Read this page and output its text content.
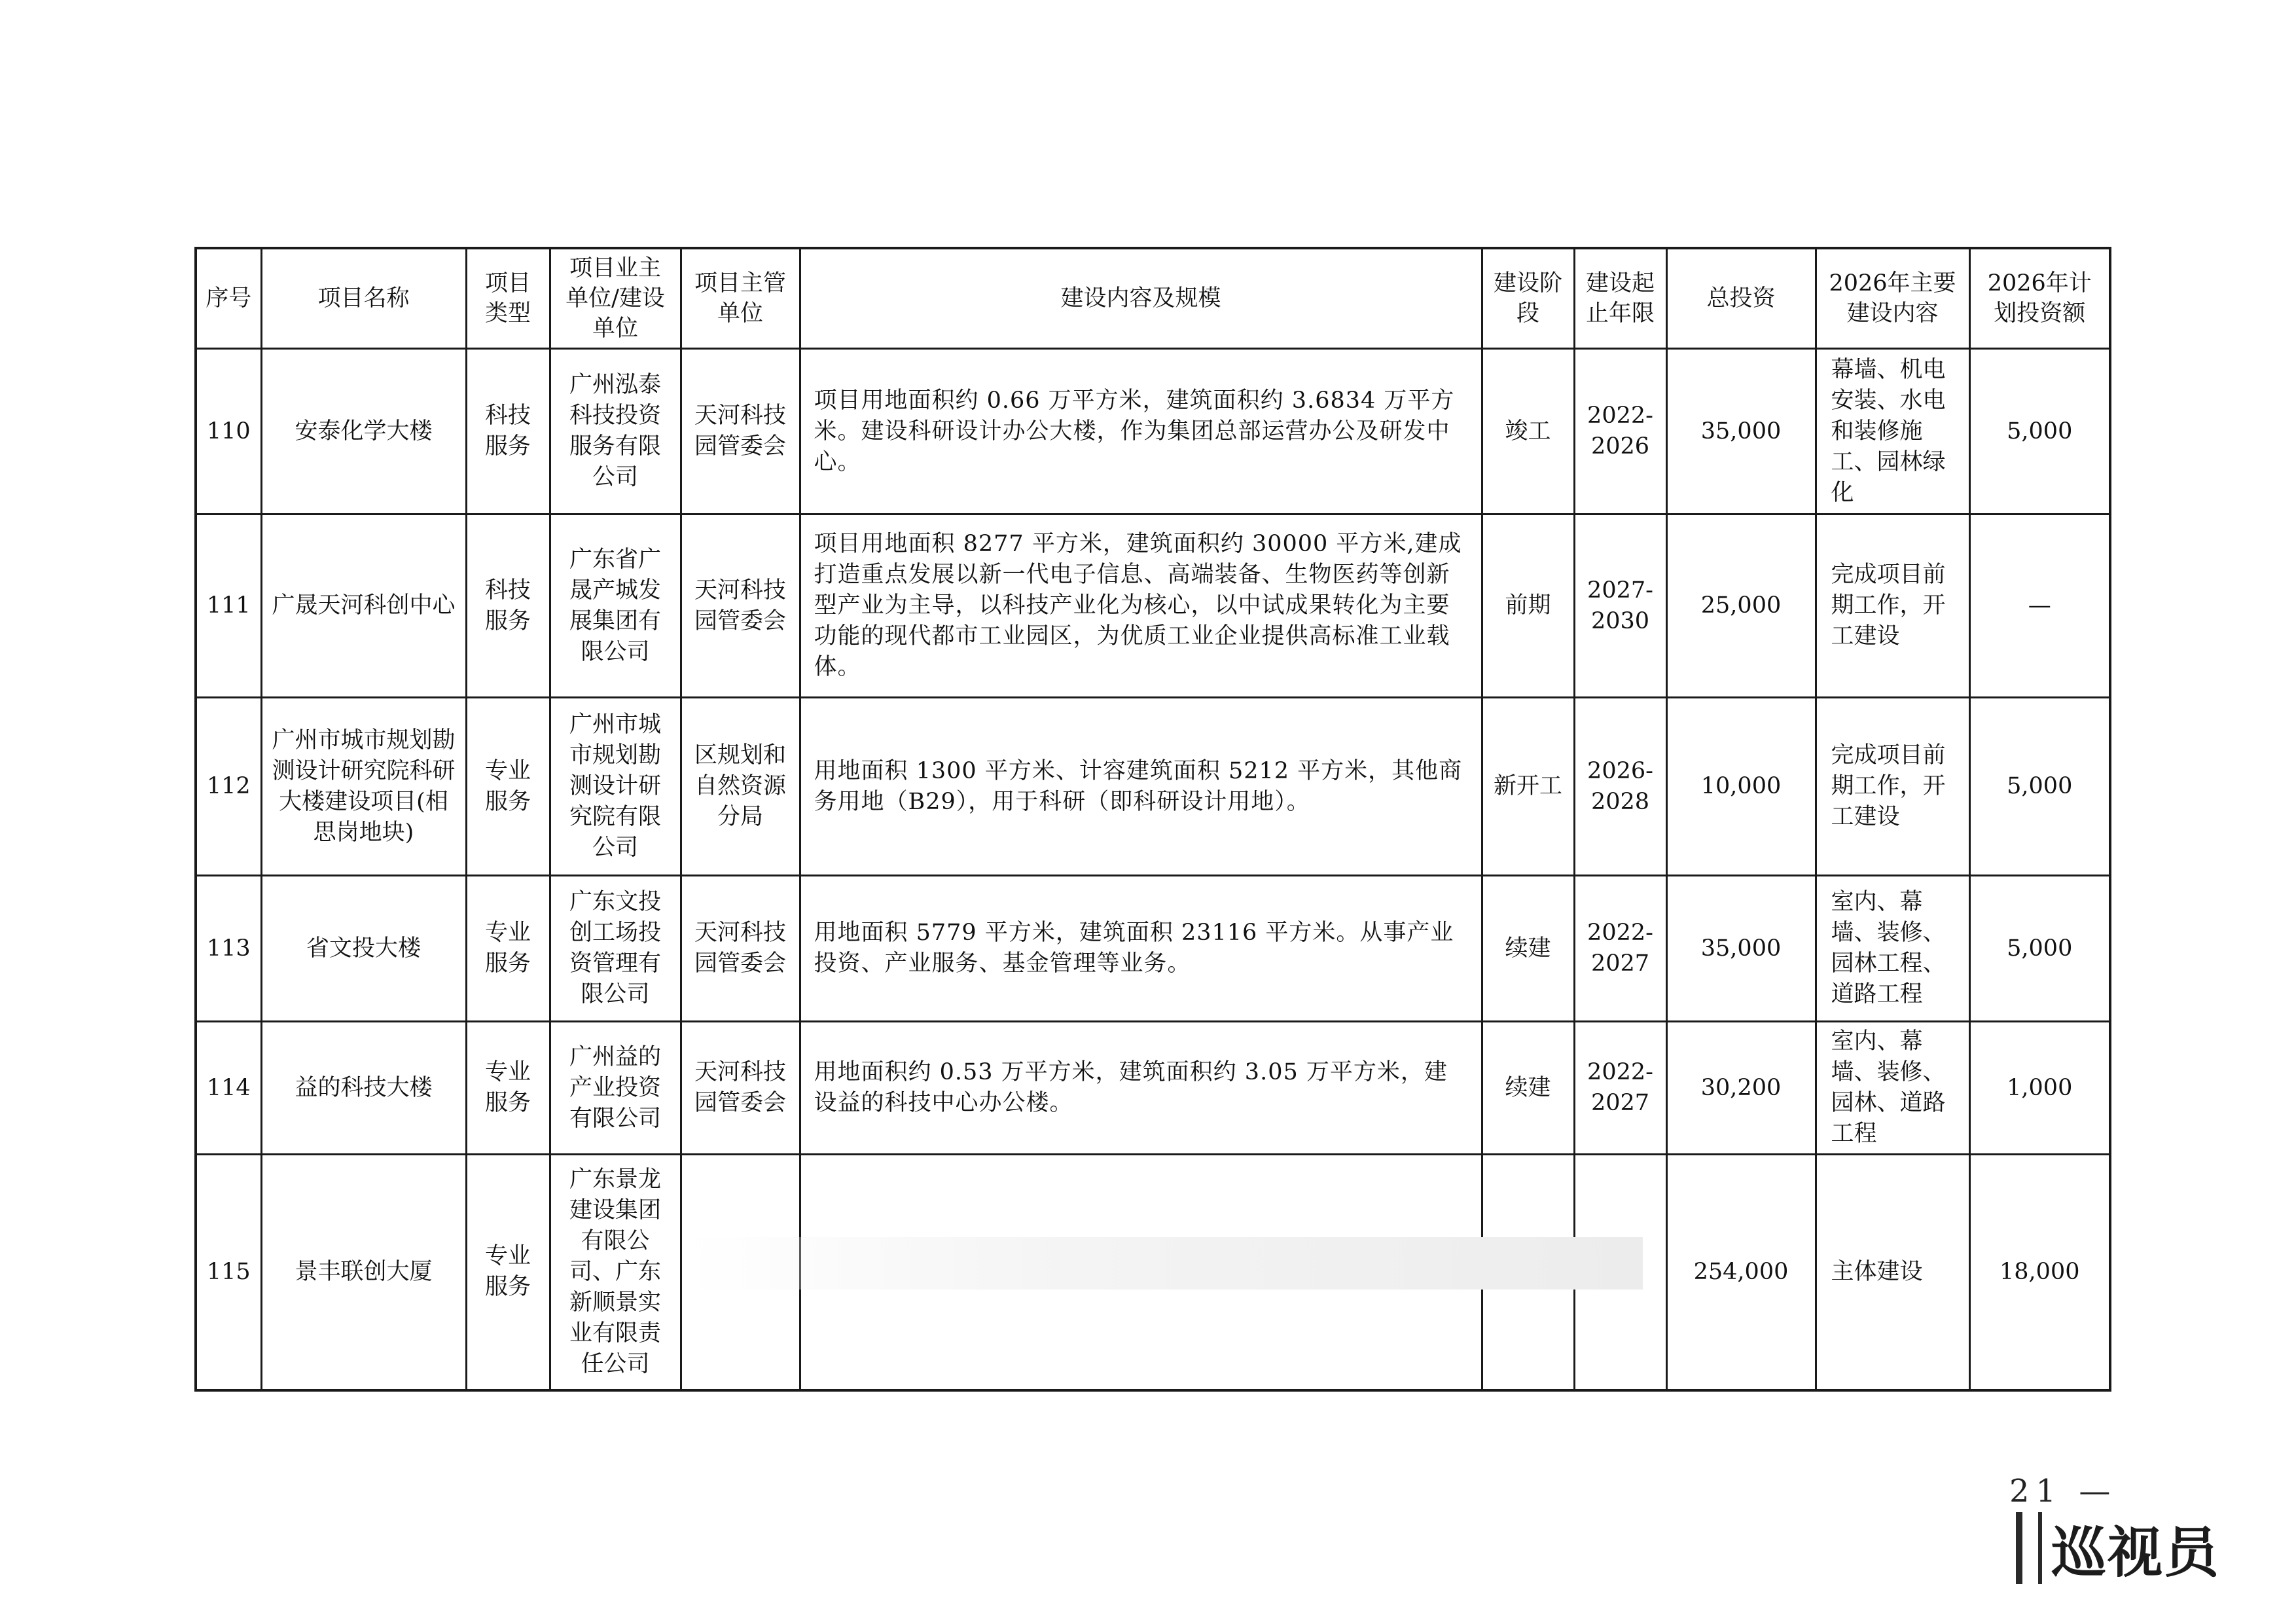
序号	项目名称	项目类型	项目业主单位/建设单位	项目主管单位	建设内容及规模	建设阶段	建设起止年限	总投资	2026年主要建设内容	2026年计划投资额
110	安泰化学大楼	科技服务	广州泓泰科技投资服务有限公司	天河科技园管委会	项目用地面积约 0.66 万平方米，建筑面积约 3.6834 万平方米。建设科研设计办公大楼，作为集团总部运营办公及研发中心。	竣工	2022-2026	35,000	幕墙、机电安装、水电和装修施工、园林绿化	5,000
111	广晟天河科创中心	科技服务	广东省广晟产城发展集团有限公司	天河科技园管委会	项目用地面积 8277 平方米，建筑面积约 30000 平方米,建成打造重点发展以新一代电子信息、高端装备、生物医药等创新型产业为主导，以科技产业化为核心，以中试成果转化为主要功能的现代都市工业园区，为优质工业企业提供高标准工业载体。	前期	2027-2030	25,000	完成项目前期工作，开工建设	—
112	广州市城市规划勘测设计研究院科研大楼建设项目(相思岗地块)	专业服务	广州市城市规划勘测设计研究院有限公司	区规划和自然资源分局	用地面积 1300 平方米、计容建筑面积 5212 平方米，其他商务用地（B29），用于科研（即科研设计用地）。	新开工	2026-2028	10,000	完成项目前期工作，开工建设	5,000
113	省文投大楼	专业服务	广东文投创工场投资管理有限公司	天河科技园管委会	用地面积 5779 平方米，建筑面积 23116 平方米。从事产业投资、产业服务、基金管理等业务。	续建	2022-2027	35,000	室内、幕墙、装修、园林工程、道路工程	5,000
114	益的科技大楼	专业服务	广州益的产业投资有限公司	天河科技园管委会	用地面积约 0.53 万平方米，建筑面积约 3.05 万平方米，建设益的科技中心办公楼。	续建	2022-2027	30,200	室内、幕墙、装修、园林、道路工程	1,000
115	景丰联创大厦	专业服务	广东景龙建设集团有限公司、广东新顺景实业有限责任公司					254,000	主体建设	18,000
21 —
巡视员
